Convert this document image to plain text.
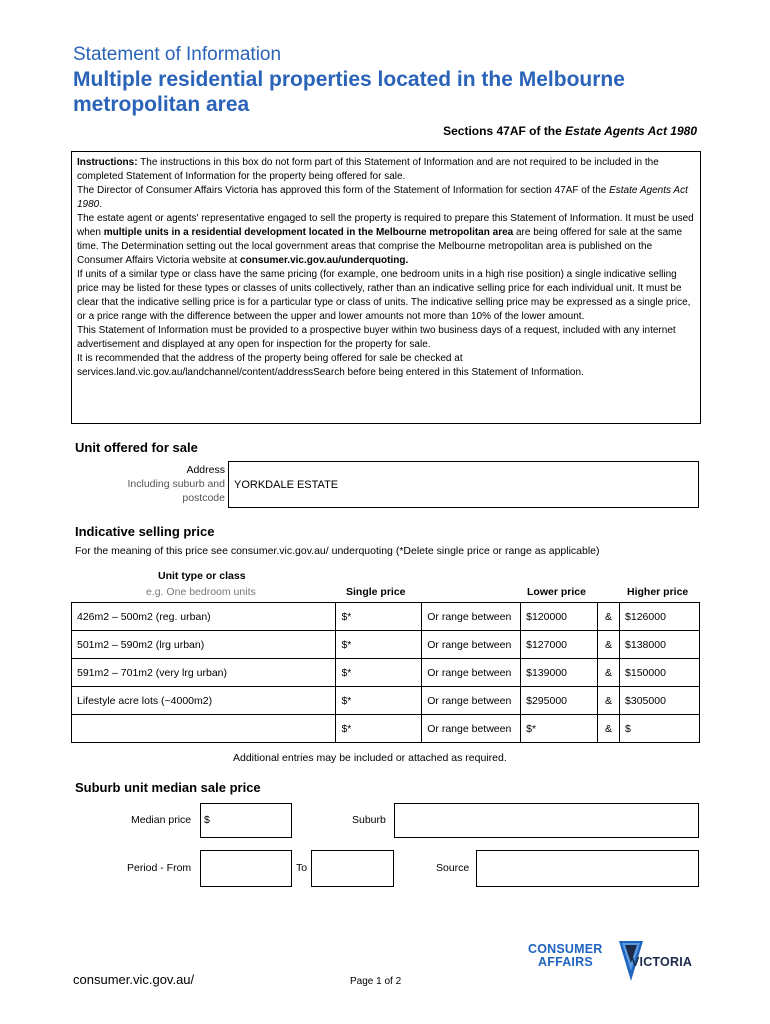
Statement of Information
Multiple residential properties located in the Melbourne metropolitan area
Sections 47AF of the Estate Agents Act 1980

Instructions: The instructions in this box do not form part of this Statement of Information and are not required to be included in the completed Statement of Information for the property being offered for sale.

The Director of Consumer Affairs Victoria has approved this form of the Statement of Information for section 47AF of the Estate Agents Act 1980.

The estate agent or agents' representative engaged to sell the property is required to prepare this Statement of Information. It must be used when multiple units in a residential development located in the Melbourne metropolitan area are being offered for sale at the same time. The Determination setting out the local government areas that comprise the Melbourne metropolitan area is published on the Consumer Affairs Victoria website at consumer.vic.gov.au/underquoting.

If units of a similar type or class have the same pricing (for example, one bedroom units in a high rise position) a single indicative selling price may be listed for these types or classes of units collectively, rather than an indicative selling price for each individual unit. It must be clear that the indicative selling price is for a particular type or class of units. The indicative selling price may be expressed as a single price, or a price range with the difference between the upper and lower amounts not more than 10% of the lower amount.

This Statement of Information must be provided to a prospective buyer within two business days of a request, included with any internet advertisement and displayed at any open for inspection for the property for sale.

It is recommended that the address of the property being offered for sale be checked at services.land.vic.gov.au/landchannel/content/addressSearch before being entered in this Statement of Information.

Unit offered for sale
Address
Including suburb and
postcode
YORKDALE ESTATE
Indicative selling price
For the meaning of this price see consumer.vic.gov.au/ underquoting (*Delete single price or range as applicable)
Unit type or class
e.g. One bedroom units	Single price	Lower price	Higher price
426m2 – 500m2 (reg. urban)	$*	Or range between	$120000	&	$126000
501m2 – 590m2 (lrg urban)	$*	Or range between	$127000	&	$138000
591m2 – 701m2 (very lrg urban)	$*	Or range between	$139000	&	$150000
Lifestyle acre lots (~4000m2)	$*	Or range between	$295000	&	$305000
	$*	Or range between	$*	&	$
Additional entries may be included or attached as required.
Suburb unit median sale price
Median price	$	Suburb
Period - From	To	Source
consumer.vic.gov.au/	Page 1 of 2
CONSUMER
AFFAIRS	VICTORIA
